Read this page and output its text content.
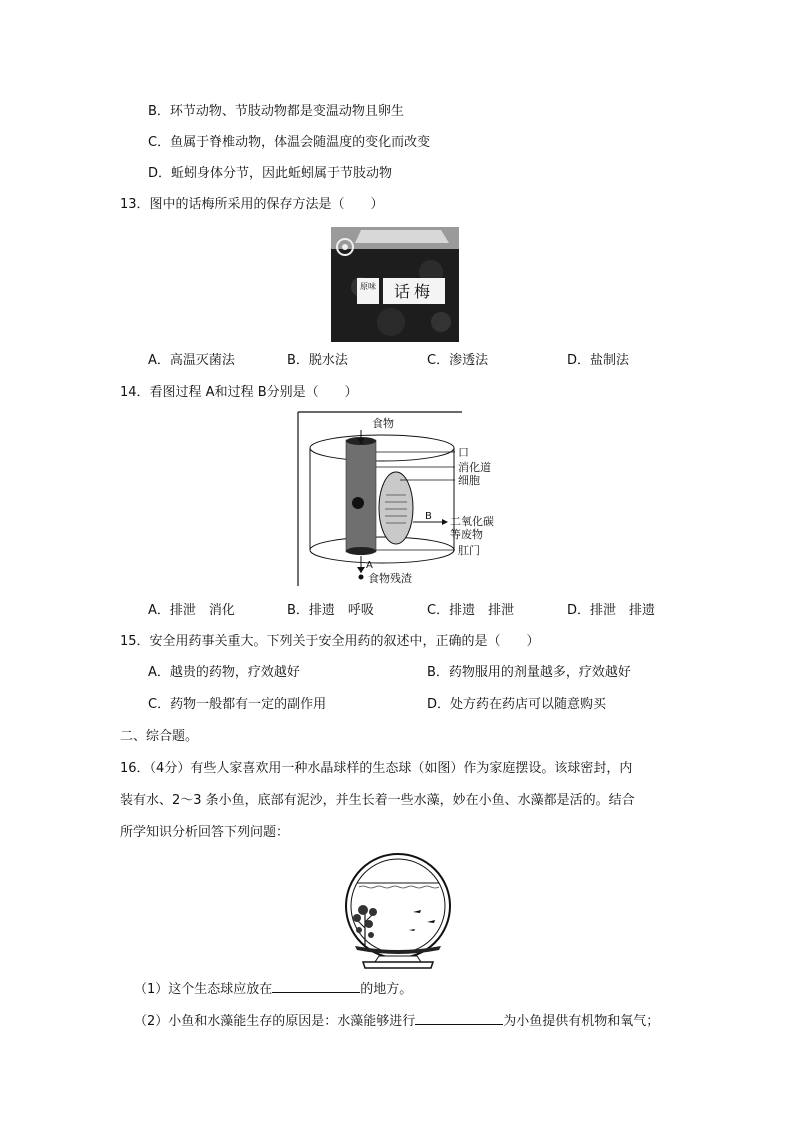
B．环节动物、节肢动物都是变温动物且卵生
C．鱼属于脊椎动物，体温会随温度的变化而改变
D．蚯蚓身体分节，因此蚯蚓属于节肢动物
13．图中的话梅所采用的保存方法是（　　）
原味 话梅
A．高温灭菌法	B．脱水法	C．渗透法	D．盐制法
14．看图过程 A和过程 B分别是（　　）
食物
口
消化道
细胞
B 二氧化碳
等废物
肛门
A
食物残渣
A．排泄　消化	B．排遗　呼吸	C．排遗　排泄	D．排泄　排遗
15．安全用药事关重大。下列关于安全用药的叙述中，正确的是（　　）
A．越贵的药物，疗效越好	B．药物服用的剂量越多，疗效越好
C．药物一般都有一定的副作用	D．处方药在药店可以随意购买
二、综合题。
16．（4分）有些人家喜欢用一种水晶球样的生态球（如图）作为家庭摆设。该球密封，内
装有水、2～3 条小鱼，底部有泥沙，并生长着一些水藻，妙在小鱼、水藻都是活的。结合
所学知识分析回答下列问题：
（1）这个生态球应放在	的地方。
（2）小鱼和水藻能生存的原因是：水藻能够进行	为小鱼提供有机物和氧气；
